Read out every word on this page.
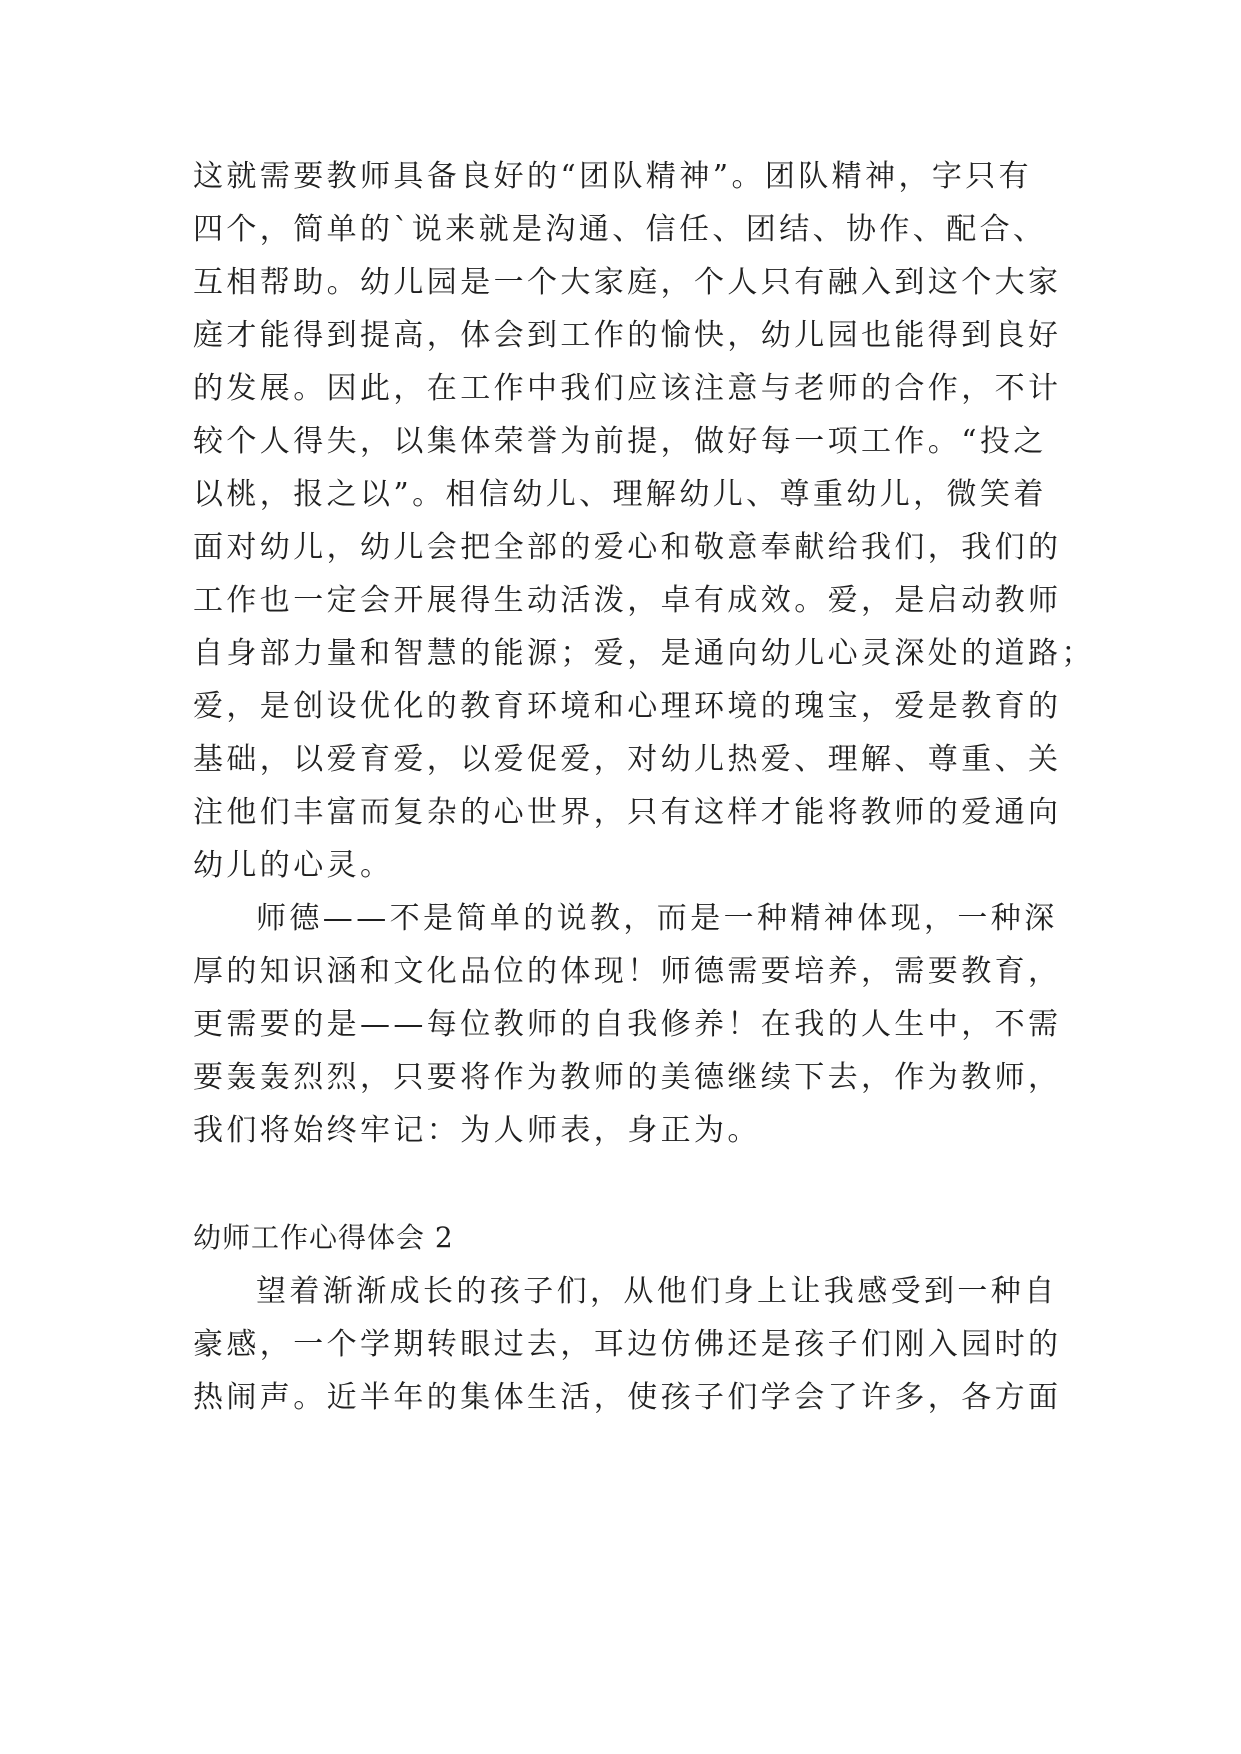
这就需要教师具备良好的“团队精神”。团队精神，字只有
四个，简单的`说来就是沟通、信任、团结、协作、配合、
互相帮助。幼儿园是一个大家庭，个人只有融入到这个大家
庭才能得到提高，体会到工作的愉快，幼儿园也能得到良好
的发展。因此，在工作中我们应该注意与老师的合作，不计
较个人得失，以集体荣誉为前提，做好每一项工作。“投之
以桃，报之以”。相信幼儿、理解幼儿、尊重幼儿，微笑着
面对幼儿，幼儿会把全部的爱心和敬意奉献给我们，我们的
工作也一定会开展得生动活泼，卓有成效。爱，是启动教师
自身部力量和智慧的能源；爱，是通向幼儿心灵深处的道路；
爱，是创设优化的教育环境和心理环境的瑰宝，爱是教育的
基础，以爱育爱，以爱促爱，对幼儿热爱、理解、尊重、关
注他们丰富而复杂的心世界，只有这样才能将教师的爱通向
幼儿的心灵。
师德——不是简单的说教，而是一种精神体现，一种深
厚的知识涵和文化品位的体现！师德需要培养，需要教育，
更需要的是——每位教师的自我修养！在我的人生中，不需
要轰轰烈烈，只要将作为教师的美德继续下去，作为教师，
我们将始终牢记：为人师表，身正为。
幼师工作心得体会 2
望着渐渐成长的孩子们，从他们身上让我感受到一种自
豪感，一个学期转眼过去，耳边仿佛还是孩子们刚入园时的
热闹声。近半年的集体生活，使孩子们学会了许多，各方面
